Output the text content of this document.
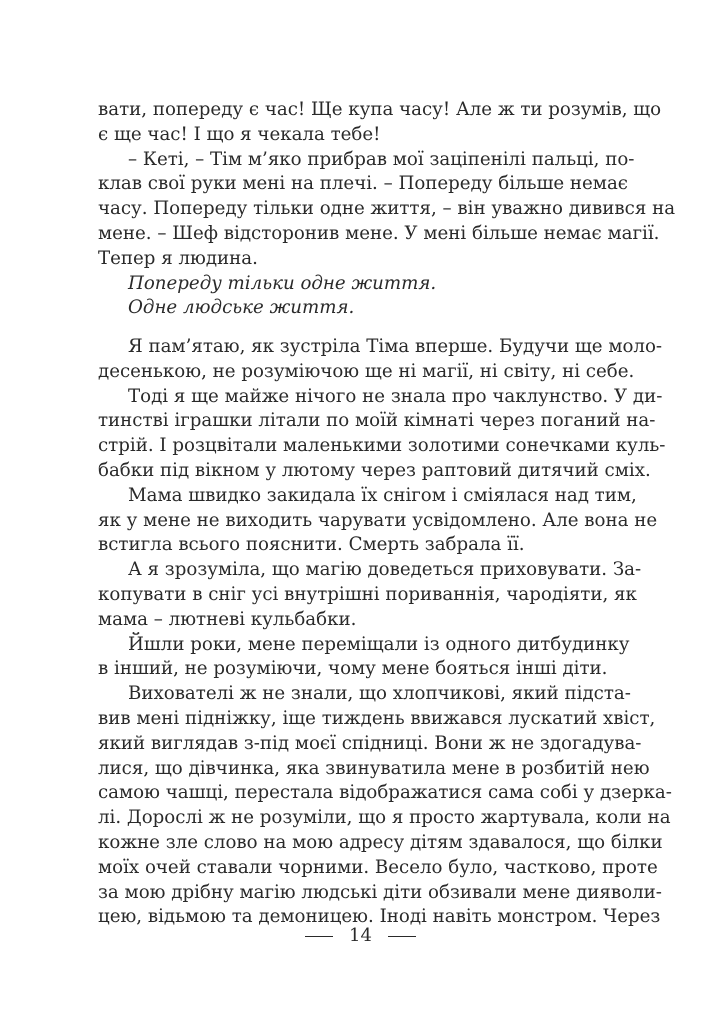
вати, попереду є час! Ще купа часу! Але ж ти розумів, що
є ще час! І що я чекала тебе!
– Кеті, – Тім м’яко прибрав мої заціпенілі пальці, по-
клав свої руки мені на плечі. – Попереду більше немає
часу. Попереду тільки одне життя, – він уважно дивився на
мене. – Шеф відсторонив мене. У мені більше немає магії.
Тепер я людина.
Попереду тільки одне життя.
Одне людське життя.
Я пам’ятаю, як зустріла Тіма вперше. Будучи ще моло-
десенькою, не розуміючою ще ні магії, ні світу, ні себе.
Тоді я ще майже нічого не знала про чаклунство. У ди-
тинстві іграшки літали по моїй кімнаті через поганий на-
стрій. І розцвітали маленькими золотими сонечками куль-
бабки під вікном у лютому через раптовий дитячий сміх.
Мама швидко закидала їх снігом і сміялася над тим,
як у мене не виходить чарувати усвідомлено. Але вона не
встигла всього пояснити. Смерть забрала її.
А я зрозуміла, що магію доведеться приховувати. За-
копувати в сніг усі внутрішні пориваннія, чародіяти, як
мама – лютневі кульбабки.
Йшли роки, мене переміщали із одного дитбудинку
в інший, не розуміючи, чому мене бояться інші діти.
Вихователі ж не знали, що хлопчикові, який підста-
вив мені підніжку, іще тиждень ввижався лускатий хвіст,
який виглядав з-під моєї спідниці. Вони ж не здогадува-
лися, що дівчинка, яка звинуватила мене в розбитій нею
самою чашці, перестала відображатися сама собі у дзерка-
лі. Дорослі ж не розуміли, що я просто жартувала, коли на
кожне зле слово на мою адресу дітям здавалося, що білки
моїх очей ставали чорними. Весело було, частково, проте
за мою дрібну магію людські діти обзивали мене дияволи-
цею, відьмою та демоницею. Іноді навіть монстром. Через
14
